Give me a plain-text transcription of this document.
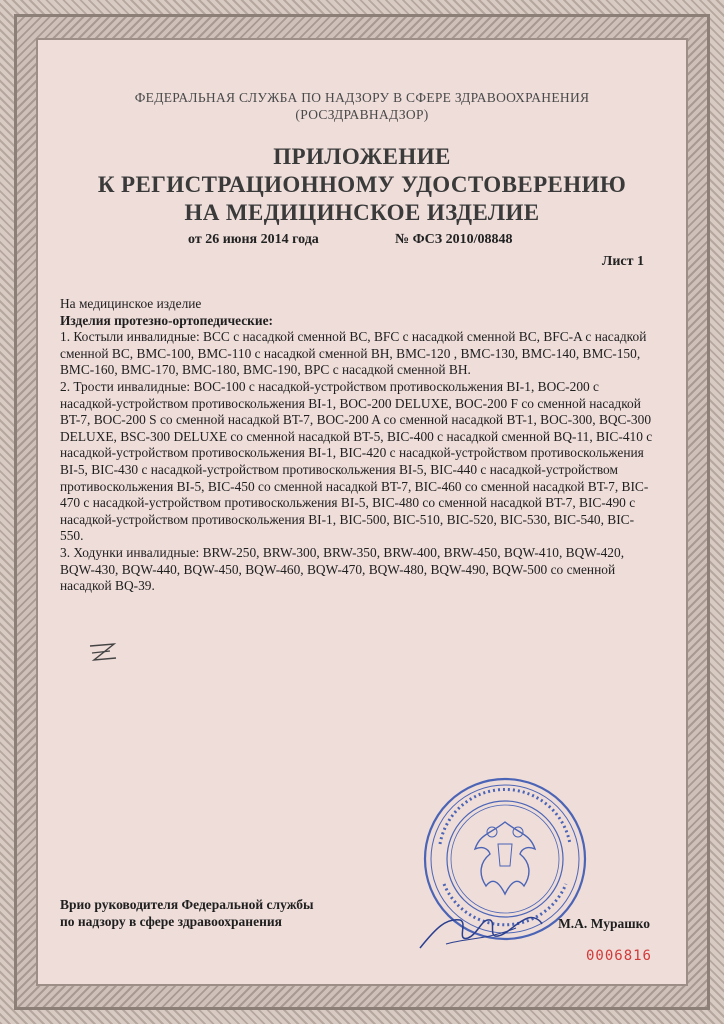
ФЕДЕРАЛЬНАЯ СЛУЖБА ПО НАДЗОРУ В СФЕРЕ ЗДРАВООХРАНЕНИЯ
(РОСЗДРАВНАДЗОР)
ПРИЛОЖЕНИЕ
К РЕГИСТРАЦИОННОМУ УДОСТОВЕРЕНИЮ
НА МЕДИЦИНСКОЕ ИЗДЕЛИЕ
от 26 июня 2014 года	№ ФСЗ 2010/08848
Лист 1

На медицинское изделие

Изделия протезно-ортопедические:

1. Костыли инвалидные: BCC с насадкой сменной BC, BFC с насадкой сменной BC, BFC-A с насадкой сменной BC, BMC-100, BMC-110 с насадкой сменной BH, BMC-120 , BMC-130, BMC-140, BMC-150, BMC-160, BMC-170, BMC-180, BMC-190, BPC с насадкой сменной BH.

2. Трости инвалидные: BOC-100 с насадкой-устройством противоскольжения BI-1, BOC-200 с насадкой-устройством противоскольжения BI-1, BOC-200 DELUXE, BOC-200 F со сменной насадкой BT-7, BOC-200 S со сменной насадкой BT-7, BOC-200 A со сменной насадкой BT-1, BOC-300, BQC-300 DELUXE, BSC-300 DELUXE со сменной насадкой BT-5, BIC-400 с насадкой сменной BQ-11, BIC-410 с насадкой-устройством противоскольжения BI-1, BIC-420 с насадкой-устройством противоскольжения BI-5, BIC-430 с насадкой-устройством противоскольжения BI-5, BIC-440 с насадкой-устройством противоскольжения BI-5, BIC-450 со сменной насадкой BT-7, BIC-460 со сменной насадкой BT-7, BIC-470 с насадкой-устройством противоскольжения BI-5, BIC-480 со сменной насадкой BT-7, BIC-490 с насадкой-устройством противоскольжения BI-1, BIC-500, BIC-510, BIC-520, BIC-530, BIC-540, BIC-550.

3. Ходунки инвалидные: BRW-250, BRW-300, BRW-350, BRW-400, BRW-450, BQW-410, BQW-420, BQW-430, BQW-440, BQW-450, BQW-460, BQW-470, BQW-480, BQW-490, BQW-500 со сменной насадкой BQ-39.

Врио руководителя Федеральной службы
по надзору в сфере здравоохранения	М.А. Мурашко
0006816
